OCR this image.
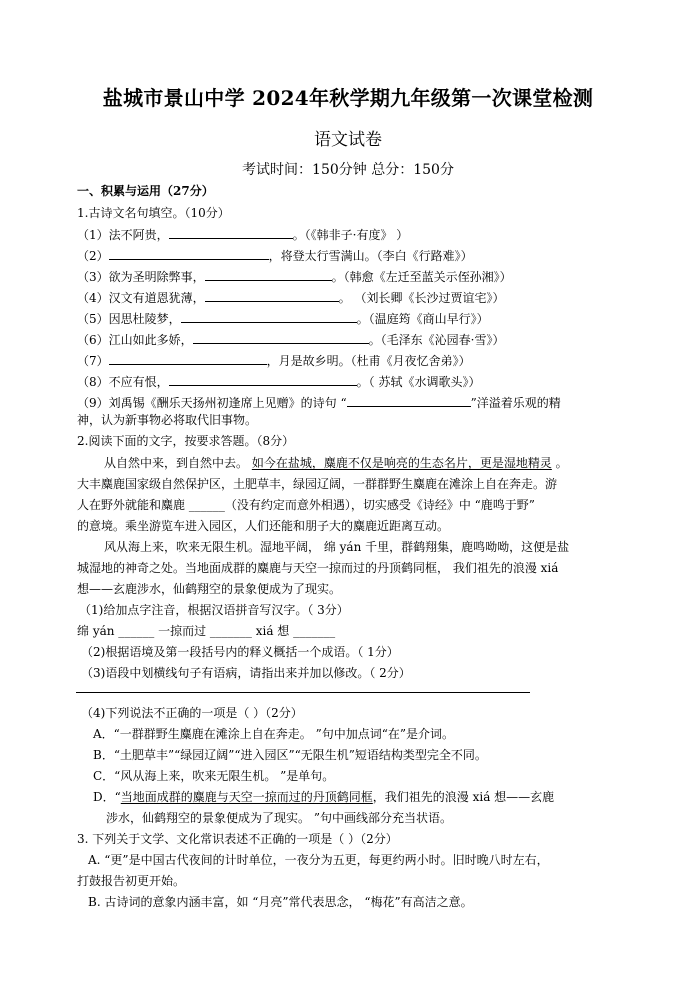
盐城市景山中学 2024年秋学期九年级第一次课堂检测
语文试卷
考试时间：150分钟 总分：150分
一、积累与运用（27分）
1.古诗文名句填空。（10分）
（1）法不阿贵，	。（《韩非子·有度》 ）
（2）	，将登太行雪满山。（李白《行路难》）
（3）欲为圣明除弊事，	。（韩愈《左迁至蓝关示侄孙湘》）
（4）汉文有道恩犹薄，	。 （刘长卿《长沙过贾谊宅》）
（5）因思杜陵梦，	。（温庭筠《商山早行》）
（6）江山如此多娇，	。（毛泽东《沁园春·雪》）
（7）	，月是故乡明。（杜甫《月夜忆舍弟》）
（8）不应有恨，	。（ 苏轼《水调歌头》）
（9）刘禹锡《酬乐天扬州初逢席上见赠》的诗句 “	”洋溢着乐观的精
神，认为新事物必将取代旧事物。
2.阅读下面的文字，按要求答题。（8分）
从自然中来，到自然中去。 如今在盐城，麋鹿不仅是响亮的生态名片，更是湿地精灵 。
大丰麋鹿国家级自然保护区，土肥草丰，绿园辽阔，一群群野生麋鹿在滩涂上自在奔走。游
人在野外就能和麋鹿 ______（没有约定而意外相遇），切实感受《诗经》中 “鹿鸣于野”
的意境。乘坐游览车进入园区，人们还能和朋子大的麋鹿近距离互动。
风从海上来，吹来无限生机。湿地平阔， 绵 yán 千里，群鹤翔集，鹿鸣呦呦，这便是盐
城湿地的神奇之处。当地面成群的麋鹿与天空一掠而过的丹顶鹤同框， 我们祖先的浪漫 xiá
想——玄鹿涉水，仙鹤翔空的景象便成为了现实。
（1)给加点字注音，根据汉语拼音写汉字。（ 3分）
绵 yán ______ 一掠而过 _______ xiá 想 _______
（2)根据语境及第一段括号内的释义概括一个成语。（ 1分）
（3)语段中划横线句子有语病，请指出来并加以修改。（ 2分）
（4)下列说法不正确的一项是（ ）（2分）
A．“一群群野生麋鹿在滩涂上自在奔走。 ”句中加点词“在”是介词。
B．“土肥草丰”“绿园辽阔”“进入园区”“无限生机”短语结构类型完全不同。
C．“风从海上来，吹来无限生机。 ”是单句。
D．“当地面成群的麋鹿与天空一掠而过的丹顶鹤同框，我们祖先的浪漫 xiá 想——玄鹿
涉水，仙鹤翔空的景象便成为了现实。 ”句中画线部分充当状语。
3. 下列关于文学、文化常识表述不正确的一项是（ ）（2分）
A. “更”是中国古代夜间的计时单位，一夜分为五更，每更约两小时。旧时晚八时左右，
打鼓报告初更开始。
B. 古诗词的意象内涵丰富，如 “月亮”常代表思念， “梅花”有高洁之意。
